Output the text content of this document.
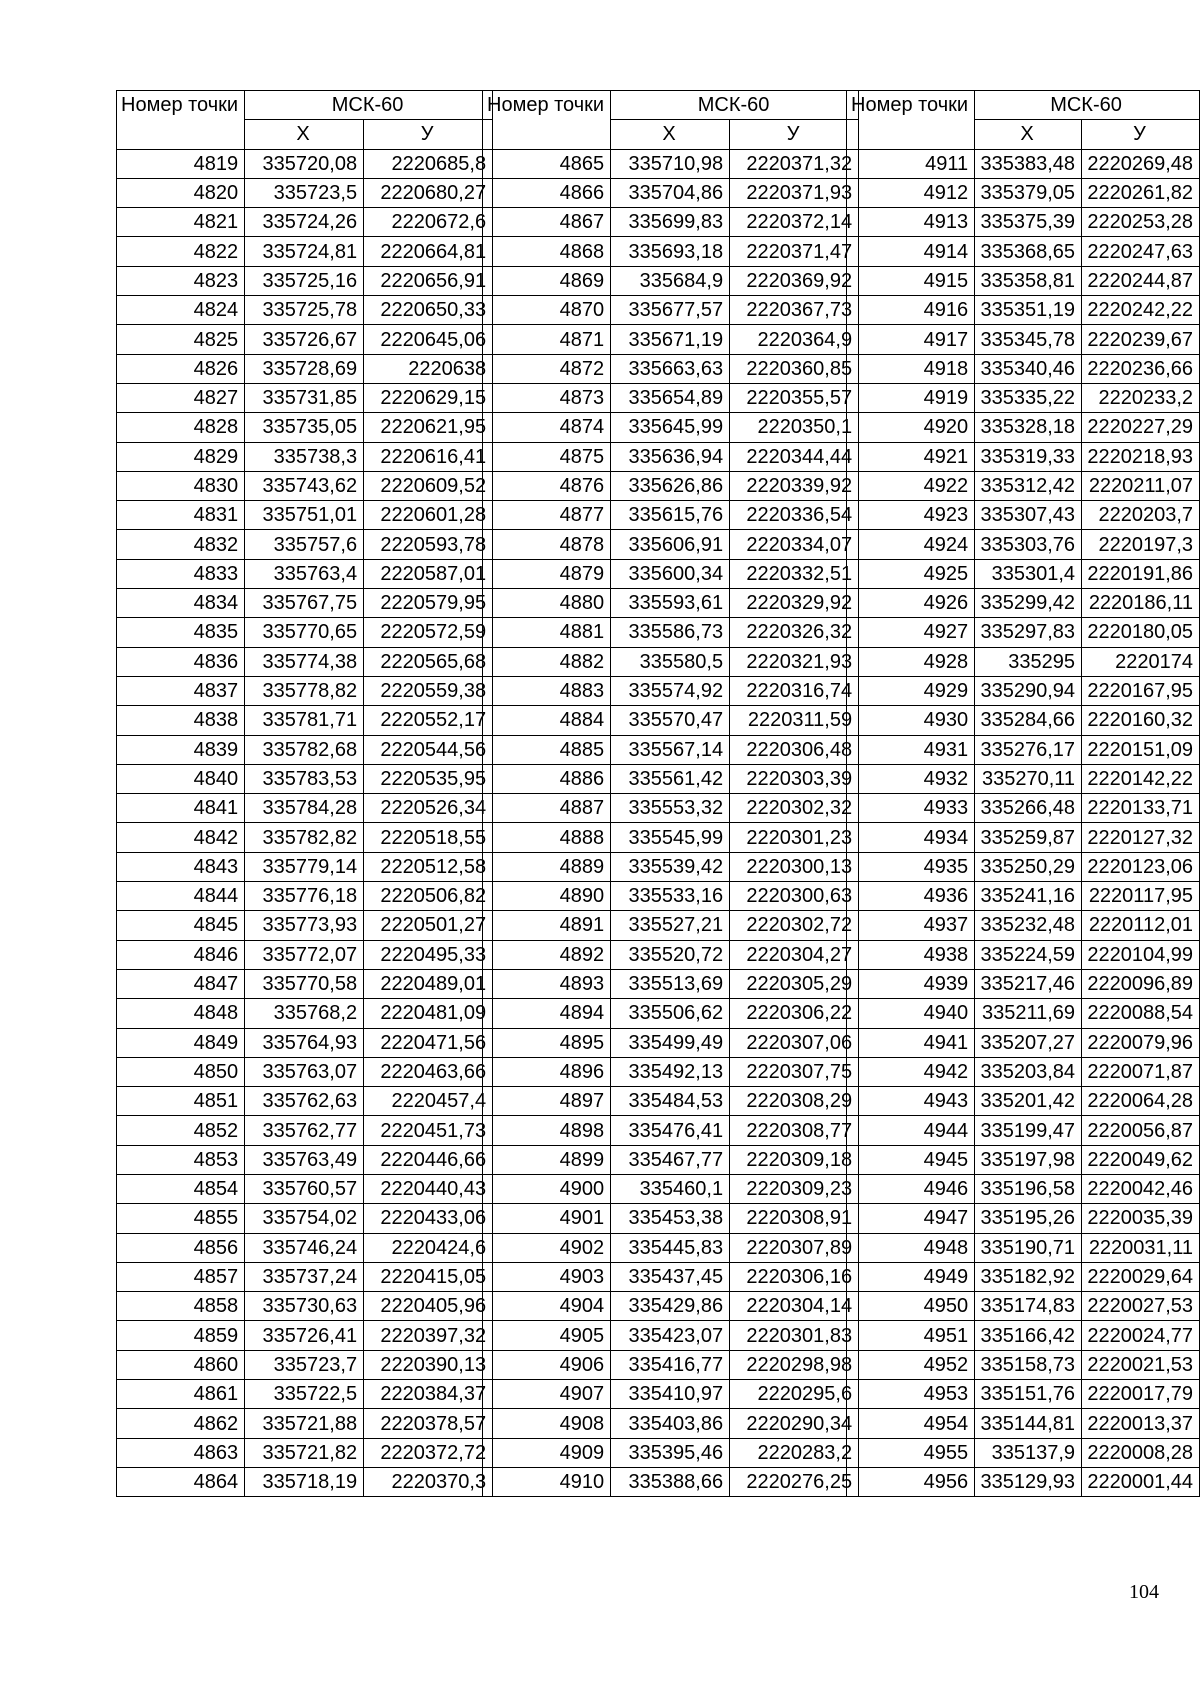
Номер точки	МСК-60	
	Х	У
4819	335720,08	2220685,8
4820	335723,5	2220680,27
4821	335724,26	2220672,6
4822	335724,81	2220664,81
4823	335725,16	2220656,91
4824	335725,78	2220650,33
4825	335726,67	2220645,06
4826	335728,69	2220638
4827	335731,85	2220629,15
4828	335735,05	2220621,95
4829	335738,3	2220616,41
4830	335743,62	2220609,52
4831	335751,01	2220601,28
4832	335757,6	2220593,78
4833	335763,4	2220587,01
4834	335767,75	2220579,95
4835	335770,65	2220572,59
4836	335774,38	2220565,68
4837	335778,82	2220559,38
4838	335781,71	2220552,17
4839	335782,68	2220544,56
4840	335783,53	2220535,95
4841	335784,28	2220526,34
4842	335782,82	2220518,55
4843	335779,14	2220512,58
4844	335776,18	2220506,82
4845	335773,93	2220501,27
4846	335772,07	2220495,33
4847	335770,58	2220489,01
4848	335768,2	2220481,09
4849	335764,93	2220471,56
4850	335763,07	2220463,66
4851	335762,63	2220457,4
4852	335762,77	2220451,73
4853	335763,49	2220446,66
4854	335760,57	2220440,43
4855	335754,02	2220433,06
4856	335746,24	2220424,6
4857	335737,24	2220415,05
4858	335730,63	2220405,96
4859	335726,41	2220397,32
4860	335723,7	2220390,13
4861	335722,5	2220384,37
4862	335721,88	2220378,57
4863	335721,82	2220372,72
4864	335718,19	2220370,3
Номер точки	МСК-60	
	Х	У
4865	335710,98	2220371,32
4866	335704,86	2220371,93
4867	335699,83	2220372,14
4868	335693,18	2220371,47
4869	335684,9	2220369,92
4870	335677,57	2220367,73
4871	335671,19	2220364,9
4872	335663,63	2220360,85
4873	335654,89	2220355,57
4874	335645,99	2220350,1
4875	335636,94	2220344,44
4876	335626,86	2220339,92
4877	335615,76	2220336,54
4878	335606,91	2220334,07
4879	335600,34	2220332,51
4880	335593,61	2220329,92
4881	335586,73	2220326,32
4882	335580,5	2220321,93
4883	335574,92	2220316,74
4884	335570,47	2220311,59
4885	335567,14	2220306,48
4886	335561,42	2220303,39
4887	335553,32	2220302,32
4888	335545,99	2220301,23
4889	335539,42	2220300,13
4890	335533,16	2220300,63
4891	335527,21	2220302,72
4892	335520,72	2220304,27
4893	335513,69	2220305,29
4894	335506,62	2220306,22
4895	335499,49	2220307,06
4896	335492,13	2220307,75
4897	335484,53	2220308,29
4898	335476,41	2220308,77
4899	335467,77	2220309,18
4900	335460,1	2220309,23
4901	335453,38	2220308,91
4902	335445,83	2220307,89
4903	335437,45	2220306,16
4904	335429,86	2220304,14
4905	335423,07	2220301,83
4906	335416,77	2220298,98
4907	335410,97	2220295,6
4908	335403,86	2220290,34
4909	335395,46	2220283,2
4910	335388,66	2220276,25
Номер точки	МСК-60	
	Х	У
4911	335383,48	2220269,48
4912	335379,05	2220261,82
4913	335375,39	2220253,28
4914	335368,65	2220247,63
4915	335358,81	2220244,87
4916	335351,19	2220242,22
4917	335345,78	2220239,67
4918	335340,46	2220236,66
4919	335335,22	2220233,2
4920	335328,18	2220227,29
4921	335319,33	2220218,93
4922	335312,42	2220211,07
4923	335307,43	2220203,7
4924	335303,76	2220197,3
4925	335301,4	2220191,86
4926	335299,42	2220186,11
4927	335297,83	2220180,05
4928	335295	2220174
4929	335290,94	2220167,95
4930	335284,66	2220160,32
4931	335276,17	2220151,09
4932	335270,11	2220142,22
4933	335266,48	2220133,71
4934	335259,87	2220127,32
4935	335250,29	2220123,06
4936	335241,16	2220117,95
4937	335232,48	2220112,01
4938	335224,59	2220104,99
4939	335217,46	2220096,89
4940	335211,69	2220088,54
4941	335207,27	2220079,96
4942	335203,84	2220071,87
4943	335201,42	2220064,28
4944	335199,47	2220056,87
4945	335197,98	2220049,62
4946	335196,58	2220042,46
4947	335195,26	2220035,39
4948	335190,71	2220031,11
4949	335182,92	2220029,64
4950	335174,83	2220027,53
4951	335166,42	2220024,77
4952	335158,73	2220021,53
4953	335151,76	2220017,79
4954	335144,81	2220013,37
4955	335137,9	2220008,28
4956	335129,93	2220001,44
104
